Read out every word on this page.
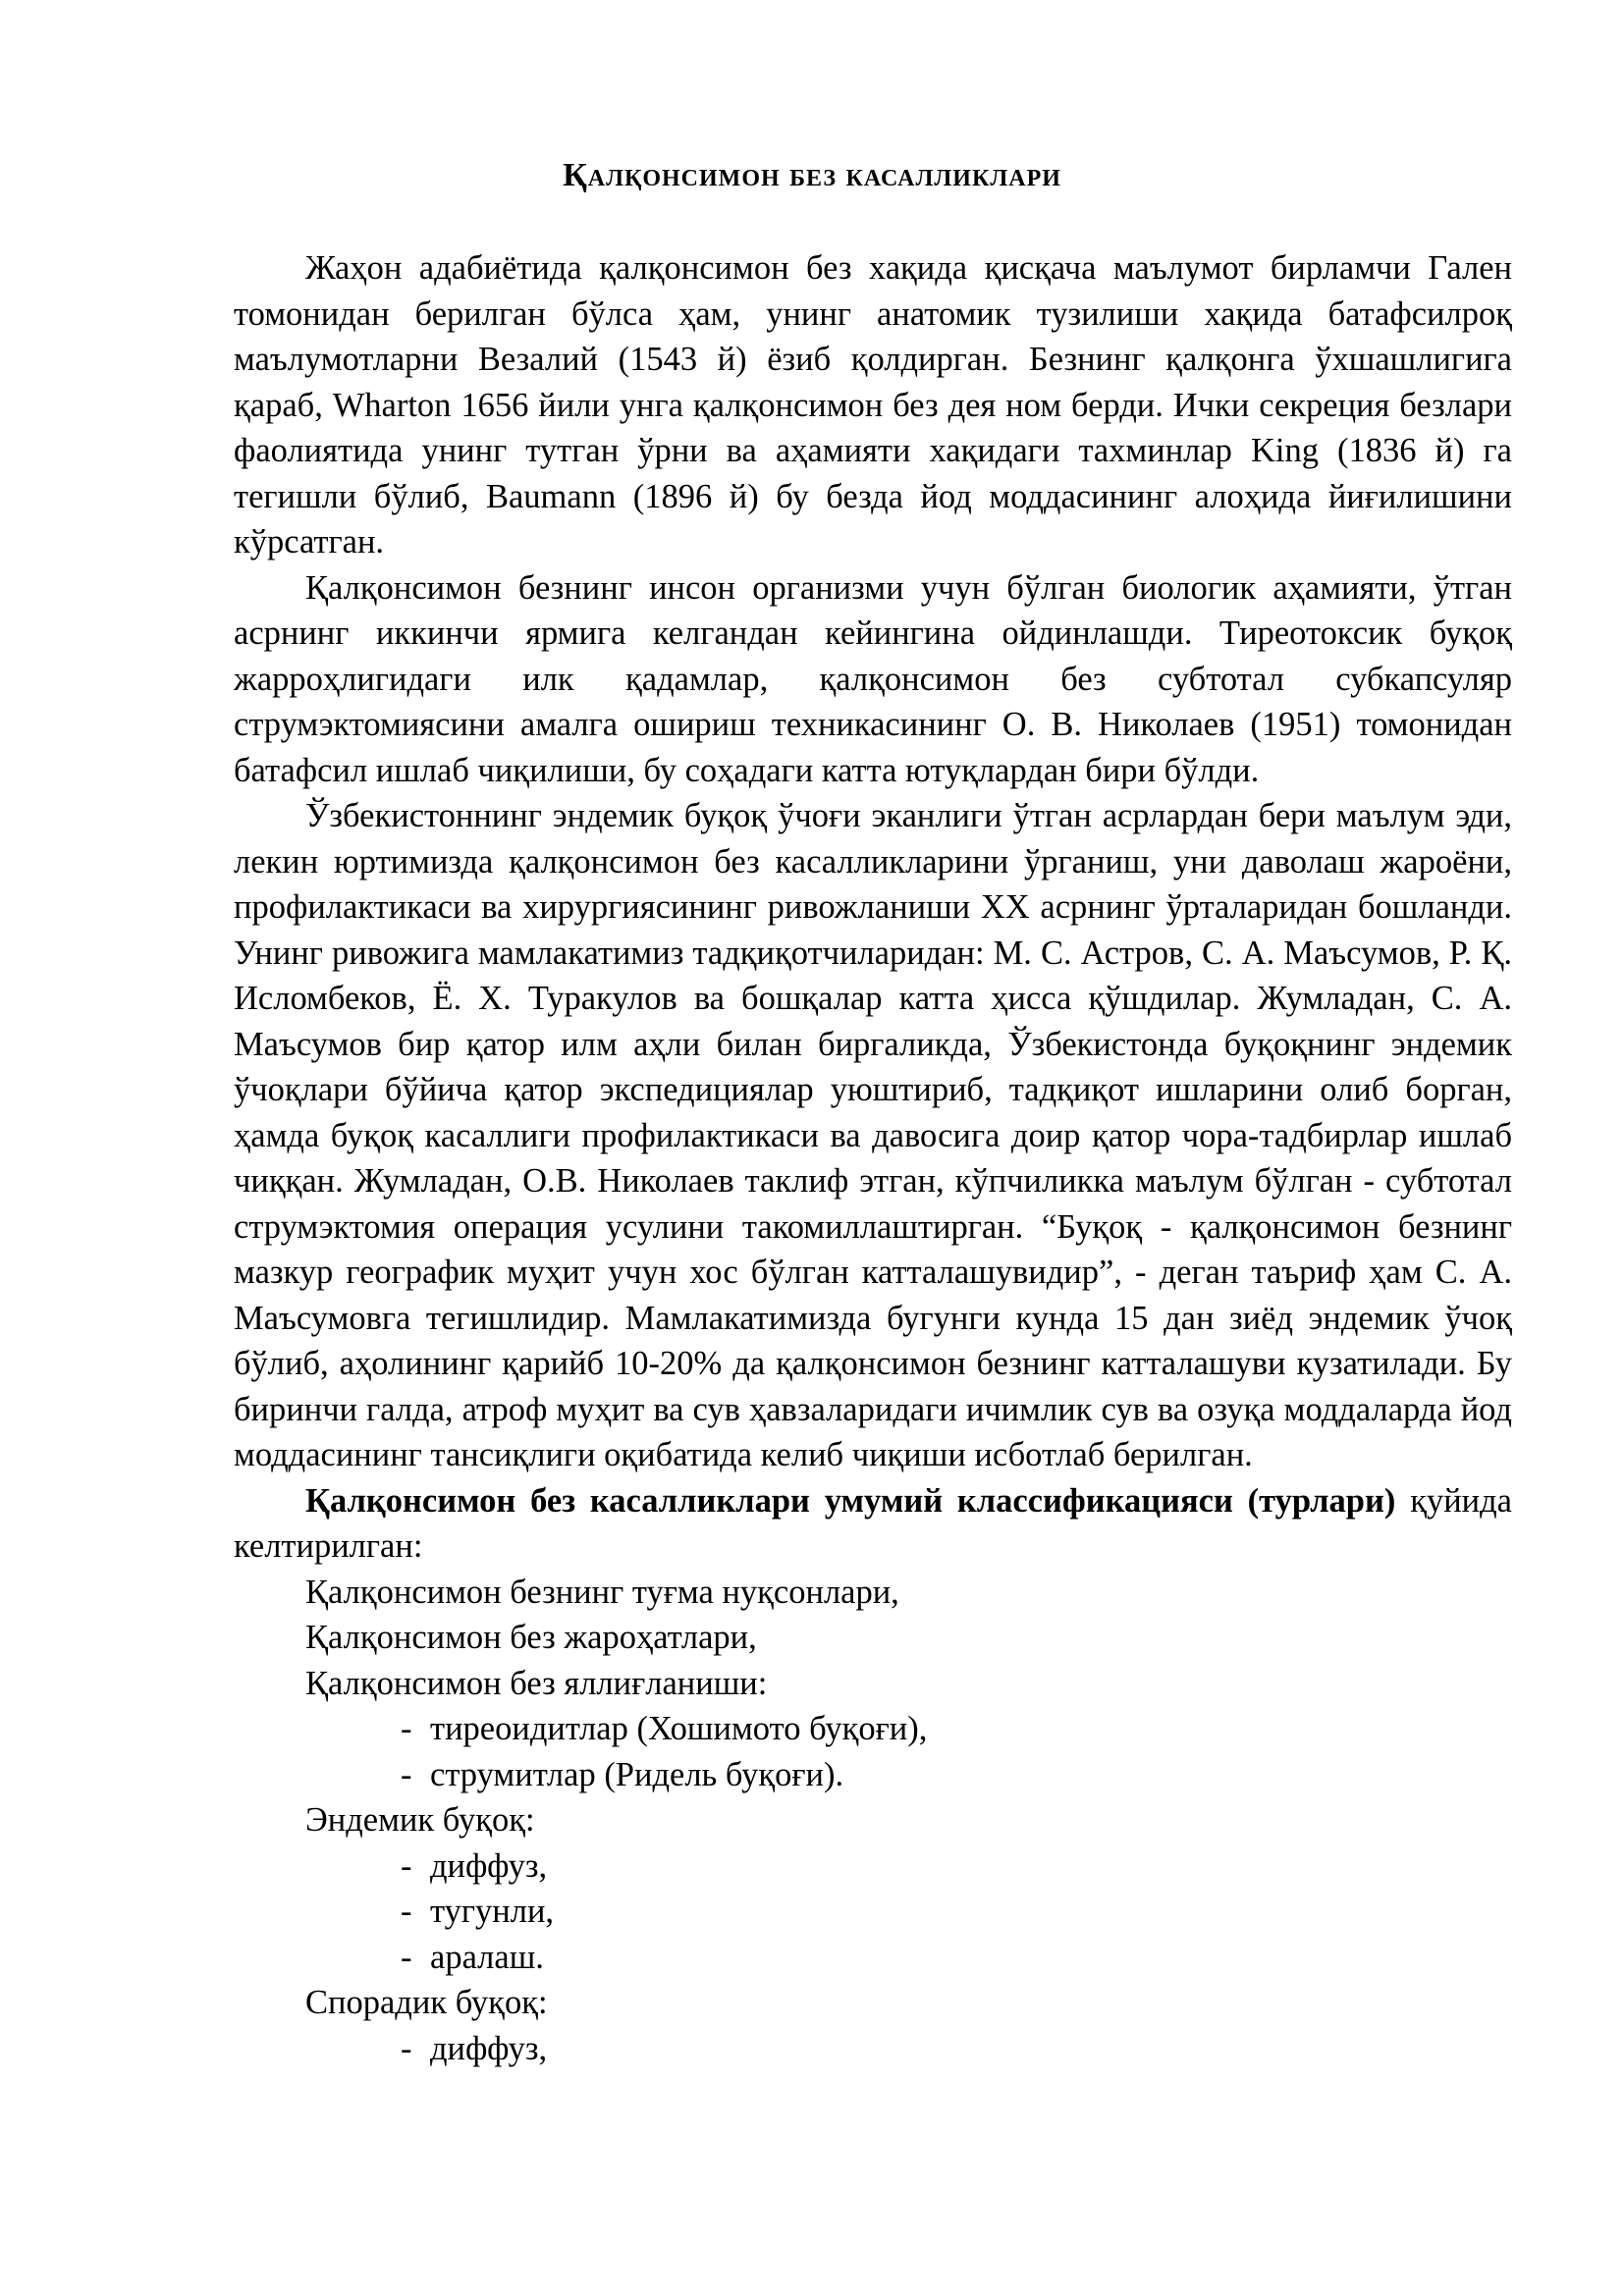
Қалқонсимон без касалликлари

Жаҳон адабиётида қалқонсимон без хақида қисқача маълумот бирламчи Гален томонидан берилган бўлса ҳам, унинг анатомик тузилиши хақида батафсилроқ маълумотларни Везалий (1543 й) ёзиб қолдирган. Безнинг қалқонга ўхшашлигига қараб, Wharton 1656 йили унга қалқонсимон без дея ном берди. Ички секреция безлари фаолиятида унинг тутган ўрни ва аҳамияти хақидаги тахминлар King (1836 й) га тегишли бўлиб, Baumann (1896 й) бу безда йод моддасининг алоҳида йиғилишини кўрсатган.

Қалқонсимон безнинг инсон организми учун бўлган биологик аҳамияти, ўтган асрнинг иккинчи ярмига келгандан кейингина ойдинлашди. Тиреотоксик буқоқ жарроҳлигидаги илк қадамлар, қалқонсимон без субтотал субкапсуляр струмэктомиясини амалга ошириш техникасининг О. В. Николаев (1951) томонидан батафсил ишлаб чиқилиши, бу соҳадаги катта ютуқлардан бири бўлди.

Ўзбекистоннинг эндемик буқоқ ўчоғи эканлиги ўтган асрлардан бери маълум эди, лекин юртимизда қалқонсимон без касалликларини ўрганиш, уни даволаш жароёни, профилактикаси ва хирургиясининг ривожланиши XX асрнинг ўрталаридан бошланди. Унинг ривожига мамлакатимиз тадқиқотчиларидан: М. С. Астров, С. А. Маъсумов, Р. Қ. Исломбеков, Ё. Х. Туракулов ва бошқалар катта ҳисса қўшдилар. Жумладан, С. А. Маъсумов бир қатор илм аҳли билан биргаликда, Ўзбекистонда буқоқнинг эндемик ўчоқлари бўйича қатор экспедициялар уюштириб, тадқиқот ишларини олиб борган, ҳамда буқоқ касаллиги профилактикаси ва давосига доир қатор чора-тадбирлар ишлаб чиққан. Жумладан, О.В. Николаев таклиф этган, кўпчиликка маълум бўлган - субтотал струмэктомия операция усулини такомиллаштирган. “Буқоқ - қалқонсимон безнинг мазкур географик муҳит учун хос бўлган катталашувидир”, - деган таъриф ҳам С. А. Маъсумовга тегишлидир. Мамлакатимизда бугунги кунда 15 дан зиёд эндемик ўчоқ бўлиб, аҳолининг қарийб 10-20% да қалқонсимон безнинг катталашуви кузатилади. Бу биринчи галда, атроф муҳит ва сув ҳавзаларидаги ичимлик сув ва озуқа моддаларда йод моддасининг тансиқлиги оқибатида келиб чиқиши исботлаб берилган.

Қалқонсимон без касалликлари умумий классификацияси (турлари) қуйида келтирилган:

Қалқонсимон безнинг туғма нуқсонлари,
Қалқонсимон без жароҳатлари,
Қалқонсимон без яллиғланиши:
- тиреоидитлар (Хошимото буқоғи),
- струмитлар (Ридель буқоғи).
Эндемик буқоқ:
- диффуз,
- тугунли,
- аралаш.
Спорадик буқоқ:
- диффуз,
